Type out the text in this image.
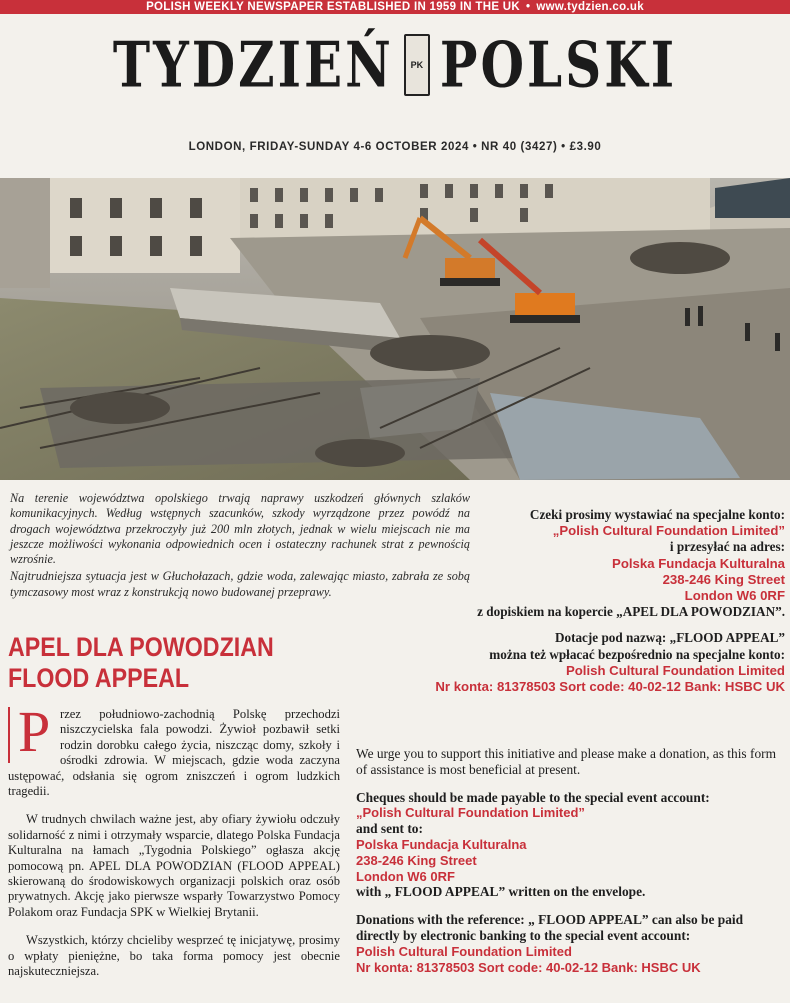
POLISH WEEKLY NEWSPAPER ESTABLISHED IN 1959 IN THE UK • www.tydzien.co.uk
TYDZIEŃ PK POLSKI
LONDON, FRIDAY-SUNDAY 4-6 OCTOBER 2024 • NR 40 (3427) • £3.90

Na terenie województwa opolskiego trwają naprawy uszkodzeń głównych szlaków komunikacyjnych. Według wstępnych szacunków, szkody wyrządzone przez powódź na drogach województwa przekroczyły już 200 mln złotych, jednak w wielu miejscach nie ma jeszcze możliwości wykonania odpowiednich ocen i ostateczny rachunek strat z pewnością wzrośnie.

Najtrudniejsza sytuacja jest w Głuchołazach, gdzie woda, zalewając miasto, zabrała ze sobą tymczasowy most wraz z konstrukcją nowo budowanej przeprawy.

Czeki prosimy wystawiać na specjalne konto:
„Polish Cultural Foundation Limited”
i przesyłać na adres:
Polska Fundacja Kulturalna
238-246 King Street
London W6 0RF
z dopiskiem na kopercie „APEL DLA POWODZIAN”.
Dotacje pod nazwą: „FLOOD APPEAL”
można też wpłacać bezpośrednio na specjalne konto:
Polish Cultural Foundation Limited
Nr konta: 81378503 Sort code: 40-02-12 Bank: HSBC UK
APEL DLA POWODZIAN
FLOOD APPEAL

P rzez południowo-zachodnią Polskę przechodzi niszczycielska fala powodzi. Żywioł pozbawił setki rodzin dorobku całego życia, niszcząc domy, szkoły i ośrodki zdrowia. W miejscach, gdzie woda zaczyna ustępować, odsłania się ogrom zniszczeń i ogrom ludzkich tragedii.

W trudnych chwilach ważne jest, aby ofiary żywiołu odczuły solidarność z nimi i otrzymały wsparcie, dlatego Polska Fundacja Kulturalna na łamach „Tygodnia Polskiego” ogłasza akcję pomocową pn. APEL DLA POWODZIAN (FLOOD APPEAL) skierowaną do środowiskowych organizacji polskich oraz osób prywatnych. Akcję jako pierwsze wsparły Towarzystwo Pomocy Polakom oraz Fundacja SPK w Wielkiej Brytanii.

Wszystkich, którzy chcieliby wesprzeć tę inicjatywę, prosimy o wpłaty pieniężne, bo taka forma pomocy jest obecnie najskuteczniejsza.

We urge you to support this initiative and please make a donation, as this form of assistance is most beneficial at present.

Cheques should be made payable to the special event account:
„Polish Cultural Foundation Limited”
and sent to:
Polska Fundacja Kulturalna
238-246 King Street
London W6 0RF
with „ FLOOD APPEAL” written on the envelope.

Donations with the reference: „ FLOOD APPEAL” can also be paid directly by electronic banking to the special event account:
Polish Cultural Foundation Limited
Nr konta: 81378503 Sort code: 40-02-12 Bank: HSBC UK
